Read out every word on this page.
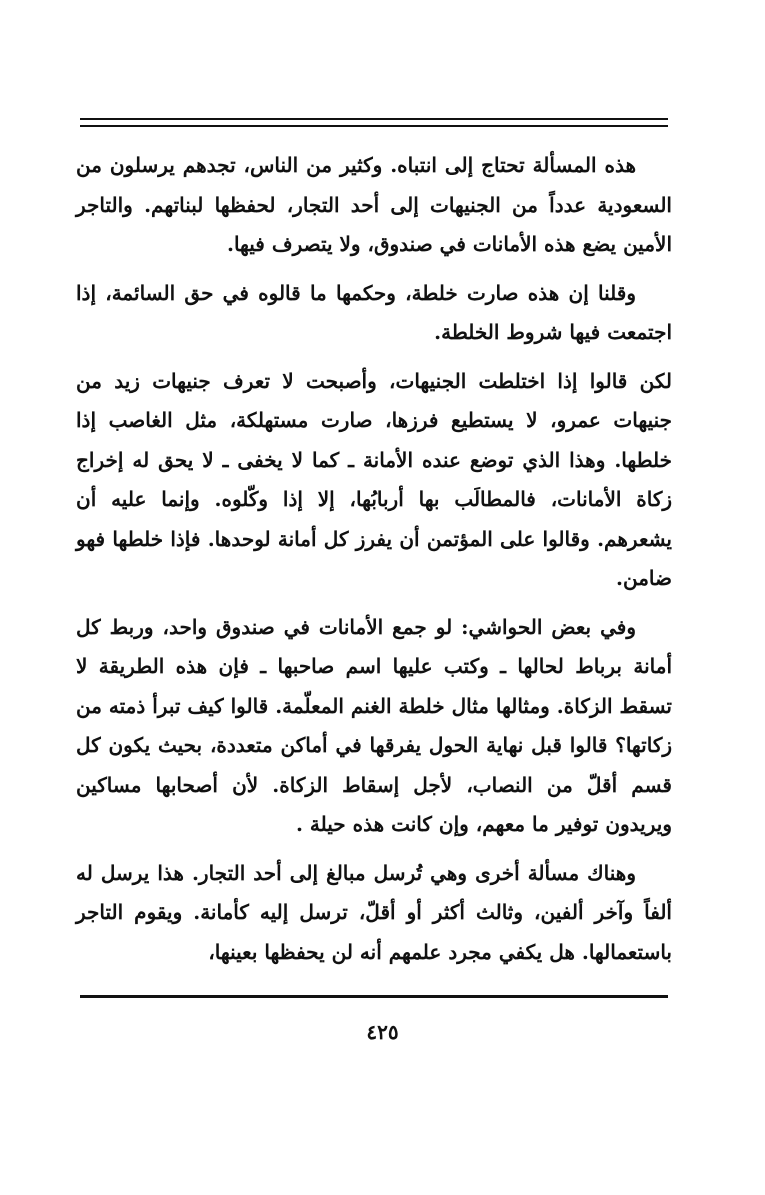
هذه المسألة تحتاج إلى انتباه. وكثير من الناس، تجدهم يرسلون من السعودية عدداً من الجنيهات إلى أحد التجار، لحفظها لبناتهم. والتاجر الأمين يضع هذه الأمانات في صندوق، ولا يتصرف فيها.

وقلنا إن هذه صارت خلطة، وحكمها ما قالوه في حق السائمة، إذا اجتمعت فيها شروط الخلطة.

لكن قالوا إذا اختلطت الجنيهات، وأصبحت لا تعرف جنيهات زيد من جنيهات عمرو، لا يستطيع فرزها، صارت مستهلكة، مثل الغاصب إذا خلطها. وهذا الذي توضع عنده الأمانة ـ كما لا يخفى ـ لا يحق له إخراج زكاة الأمانات، فالمطالَب بها أربابُها، إلا إذا وكّلوه. وإنما عليه أن يشعرهم. وقالوا على المؤتمن أن يفرز كل أمانة لوحدها. فإذا خلطها فهو ضامن.

وفي بعض الحواشي: لو جمع الأمانات في صندوق واحد، وربط كل أمانة برباط لحالها ـ وكتب عليها اسم صاحبها ـ فإن هذه الطريقة لا تسقط الزكاة. ومثالها مثال خلطة الغنم المعلّمة. قالوا كيف تبرأ ذمته من زكاتها؟ قالوا قبل نهاية الحول يفرقها في أماكن متعددة، بحيث يكون كل قسم أقلّ من النصاب، لأجل إسقاط الزكاة. لأن أصحابها مساكين ويريدون توفير ما معهم، وإن كانت هذه حيلة .

وهناك مسألة أخرى وهي تُرسل مبالغ إلى أحد التجار. هذا يرسل له ألفاً وآخر ألفين، وثالث أكثر أو أقلّ، ترسل إليه كأمانة. ويقوم التاجر باستعمالها. هل يكفي مجرد علمهم أنه لن يحفظها بعينها،

٤٢٥
